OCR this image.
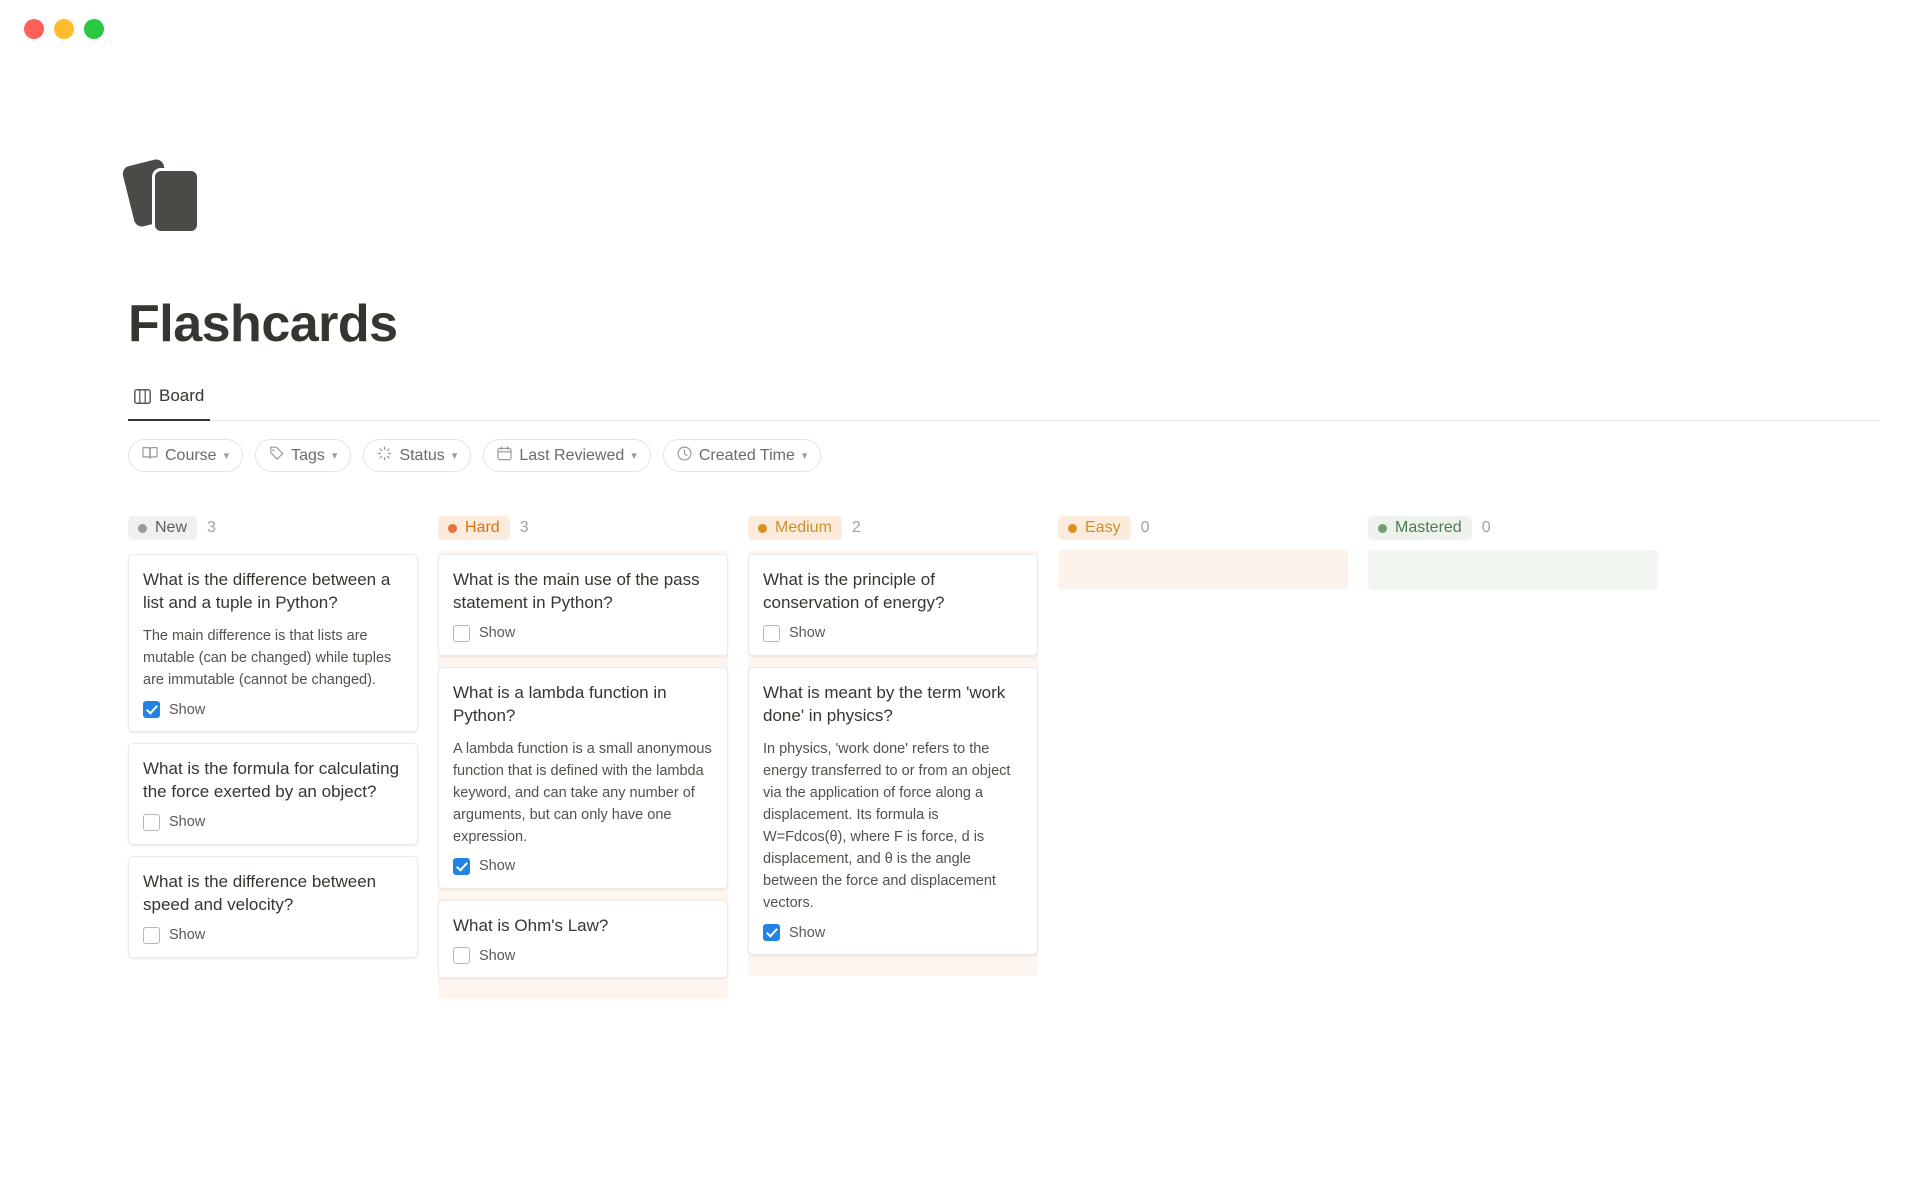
Flashcards
Board
Course ▾	Tags ▾	Status ▾	Last Reviewed ▾	Created Time ▾
New 3
What is the difference between a list and a tuple in Python?
The main difference is that lists are mutable (can be changed) while tuples are immutable (cannot be changed).
Show
What is the formula for calculating the force exerted by an object?
Show
What is the difference between speed and velocity?
Show
Hard 3
What is the main use of the pass statement in Python?
Show
What is a lambda function in Python?
A lambda function is a small anonymous function that is defined with the lambda keyword, and can take any number of arguments, but can only have one expression.
Show
What is Ohm's Law?
Show
Medium 2
What is the principle of conservation of energy?
Show
What is meant by the term 'work done' in physics?
In physics, 'work done' refers to the energy transferred to or from an object via the application of force along a displacement. Its formula is W=Fdcos(θ), where F is force, d is displacement, and θ is the angle between the force and displacement vectors.
Show
Easy 0	Mastered 0
